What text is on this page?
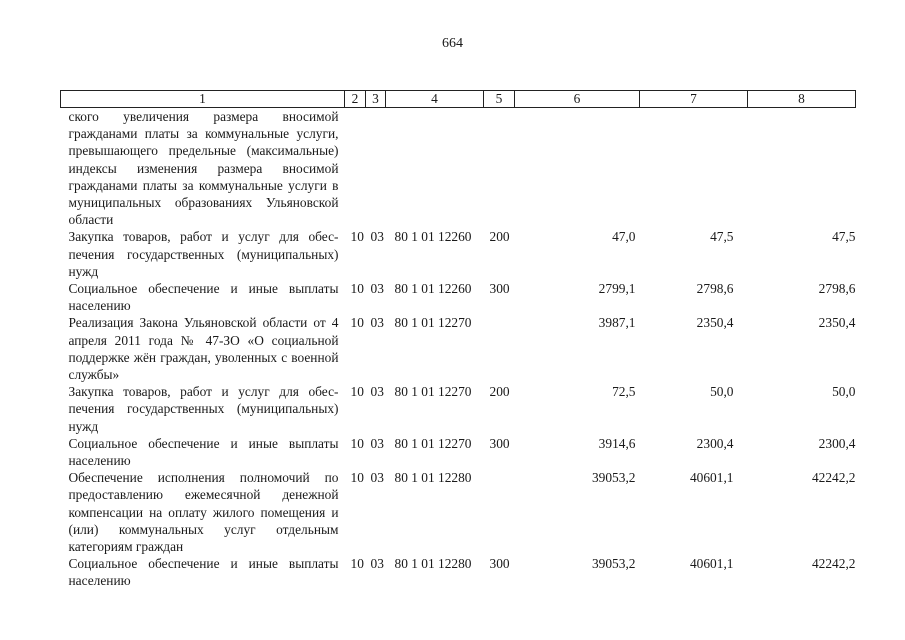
664
1	2	3	4	5	6	7	8
ского увеличения размера вносимой гражданами платы за коммунальные услуги, превышающего предельные (максимальные) индексы изменения размера вносимой гражданами платы за коммунальные услуги в муниципальных образованиях Ульяновской области							
Закупка товаров, работ и услуг для обеспечения государственных (муниципальных) нужд	10	03	80 1 01 12260	200	47,0	47,5	47,5
Социальное обеспечение и иные выплаты населению	10	03	80 1 01 12260	300	2799,1	2798,6	2798,6
Реализация Закона Ульяновской области от 4 апреля 2011 года № 47-ЗО «О социальной поддержке жён граждан, уволенных с военной службы»	10	03	80 1 01 12270		3987,1	2350,4	2350,4
Закупка товаров, работ и услуг для обеспечения государственных (муниципальных) нужд	10	03	80 1 01 12270	200	72,5	50,0	50,0
Социальное обеспечение и иные выплаты населению	10	03	80 1 01 12270	300	3914,6	2300,4	2300,4
Обеспечение исполнения полномочий по предоставлению ежемесячной денежной компенсации на оплату жилого помещения и (или) коммунальных услуг отдельным категориям граждан	10	03	80 1 01 12280		39053,2	40601,1	42242,2
Социальное обеспечение и иные выплаты населению	10	03	80 1 01 12280	300	39053,2	40601,1	42242,2
